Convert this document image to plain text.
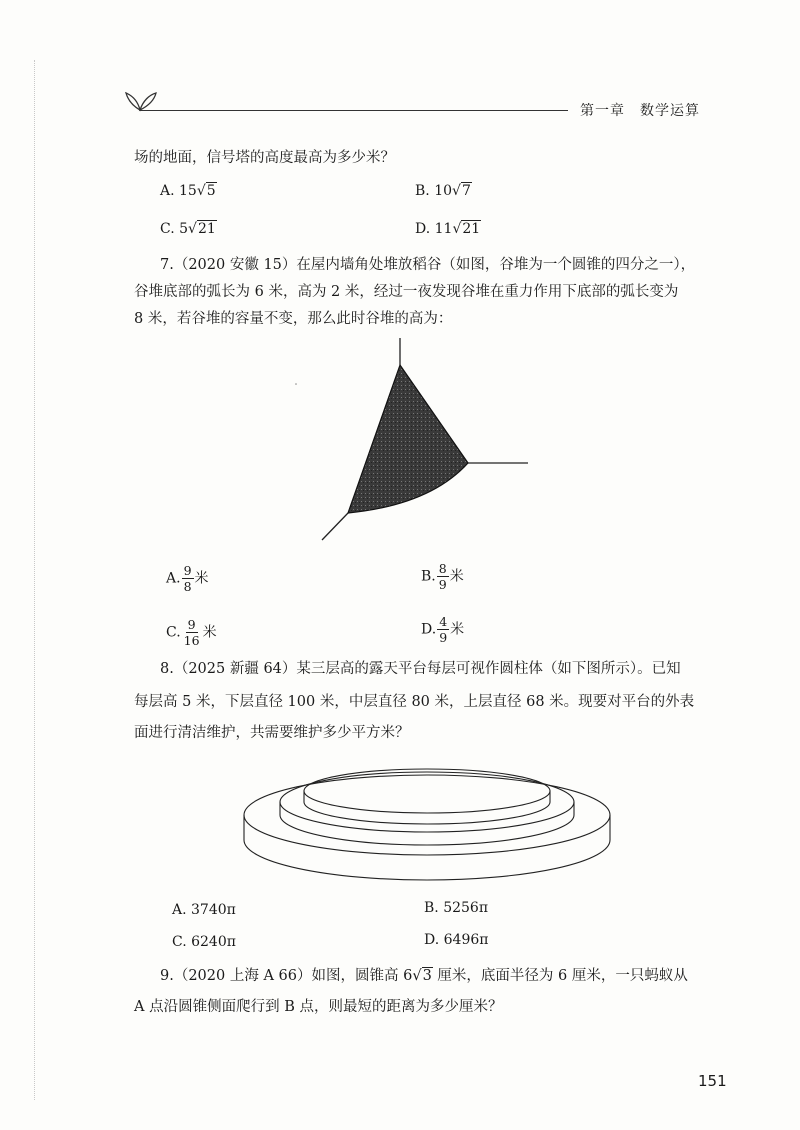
第一章　数学运算
场的地面，信号塔的高度最高为多少米？
A. 15√5	B. 10√7
C. 5√21	D. 11√21
7.（2020 安徽 15）在屋内墙角处堆放稻谷（如图，谷堆为一个圆锥的四分之一），
谷堆底部的弧长为 6 米，高为 2 米，经过一夜发现谷堆在重力作用下底部的弧长变为
8 米，若谷堆的容量不变，那么此时谷堆的高为：
A. $\frac{9}{8}$ 米	B. $\frac{8}{9}$ 米
C. $\frac{9}{16}$ 米	D. $\frac{4}{9}$ 米
8.（2025 新疆 64）某三层高的露天平台每层可视作圆柱体（如下图所示）。已知
每层高 5 米，下层直径 100 米，中层直径 80 米，上层直径 68 米。现要对平台的外表
面进行清洁维护，共需要维护多少平方米？
A. 3740π	B. 5256π
C. 6240π	D. 6496π
9.（2020 上海 A 66）如图，圆锥高 6√3 厘米，底面半径为 6 厘米，一只蚂蚁从
A 点沿圆锥侧面爬行到 B 点，则最短的距离为多少厘米？
151
